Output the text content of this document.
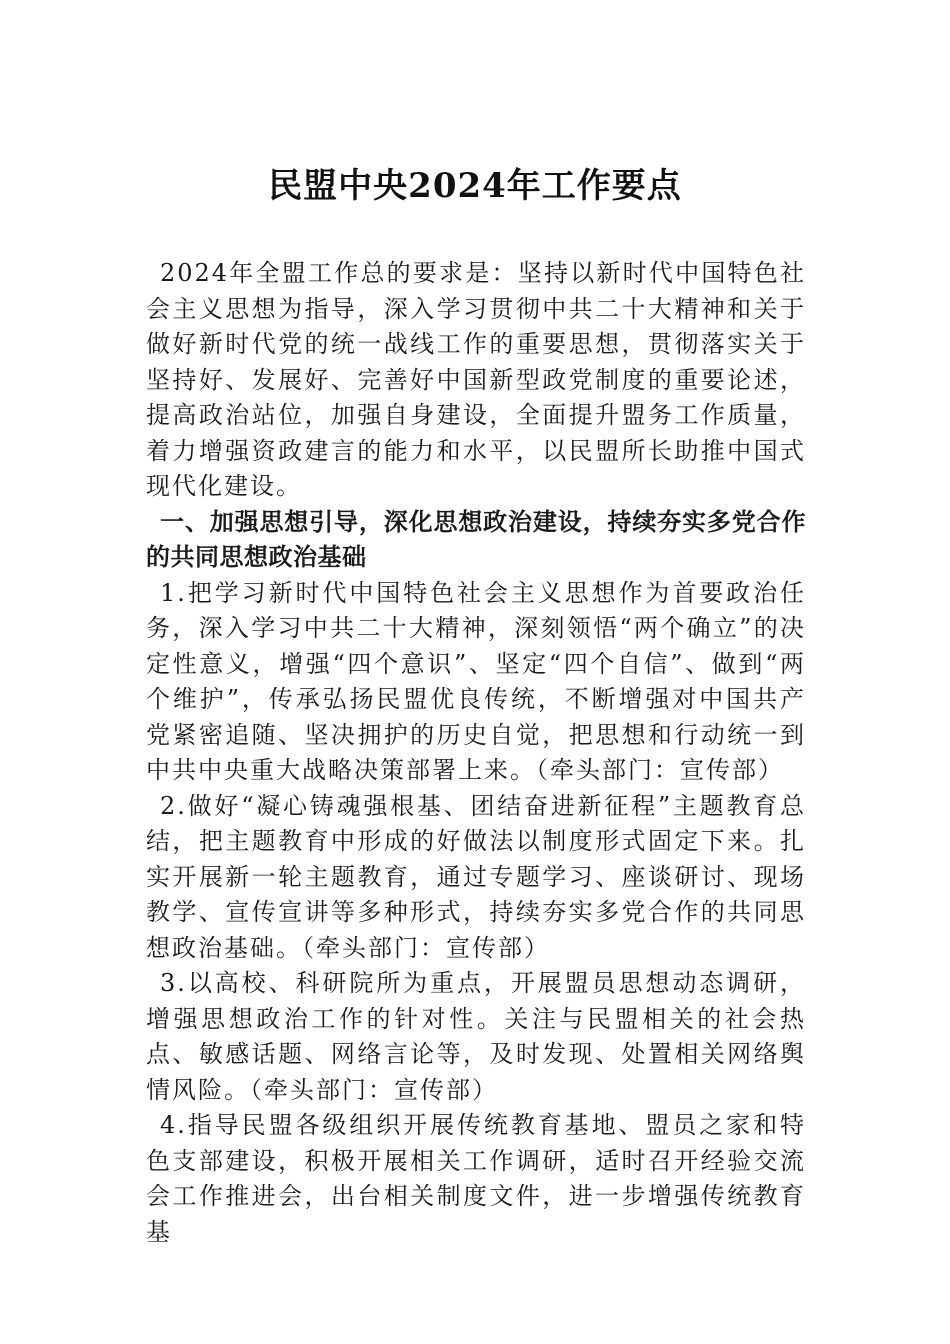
民盟中央2024年工作要点

2024年全盟工作总的要求是：坚持以新时代中国特色社会主义思想为指导，深入学习贯彻中共二十大精神和关于做好新时代党的统一战线工作的重要思想，贯彻落实关于坚持好、发展好、完善好中国新型政党制度的重要论述，提高政治站位，加强自身建设，全面提升盟务工作质量，着力增强资政建言的能力和水平，以民盟所长助推中国式现代化建设。

一、加强思想引导，深化思想政治建设，持续夯实多党合作的共同思想政治基础

1.把学习新时代中国特色社会主义思想作为首要政治任务，深入学习中共二十大精神，深刻领悟“两个确立”的决定性意义，增强“四个意识”、坚定“四个自信”、做到“两个维护”，传承弘扬民盟优良传统，不断增强对中国共产党紧密追随、坚决拥护的历史自觉，把思想和行动统一到中共中央重大战略决策部署上来。（牵头部门：宣传部）

2.做好“凝心铸魂强根基、团结奋进新征程”主题教育总结，把主题教育中形成的好做法以制度形式固定下来。扎实开展新一轮主题教育，通过专题学习、座谈研讨、现场教学、宣传宣讲等多种形式，持续夯实多党合作的共同思想政治基础。（牵头部门：宣传部）

3.以高校、科研院所为重点，开展盟员思想动态调研，增强思想政治工作的针对性。关注与民盟相关的社会热点、敏感话题、网络言论等，及时发现、处置相关网络舆情风险。（牵头部门：宣传部）

4.指导民盟各级组织开展传统教育基地、盟员之家和特色支部建设，积极开展相关工作调研，适时召开经验交流会工作推进会，出台相关制度文件，进一步增强传统教育基
